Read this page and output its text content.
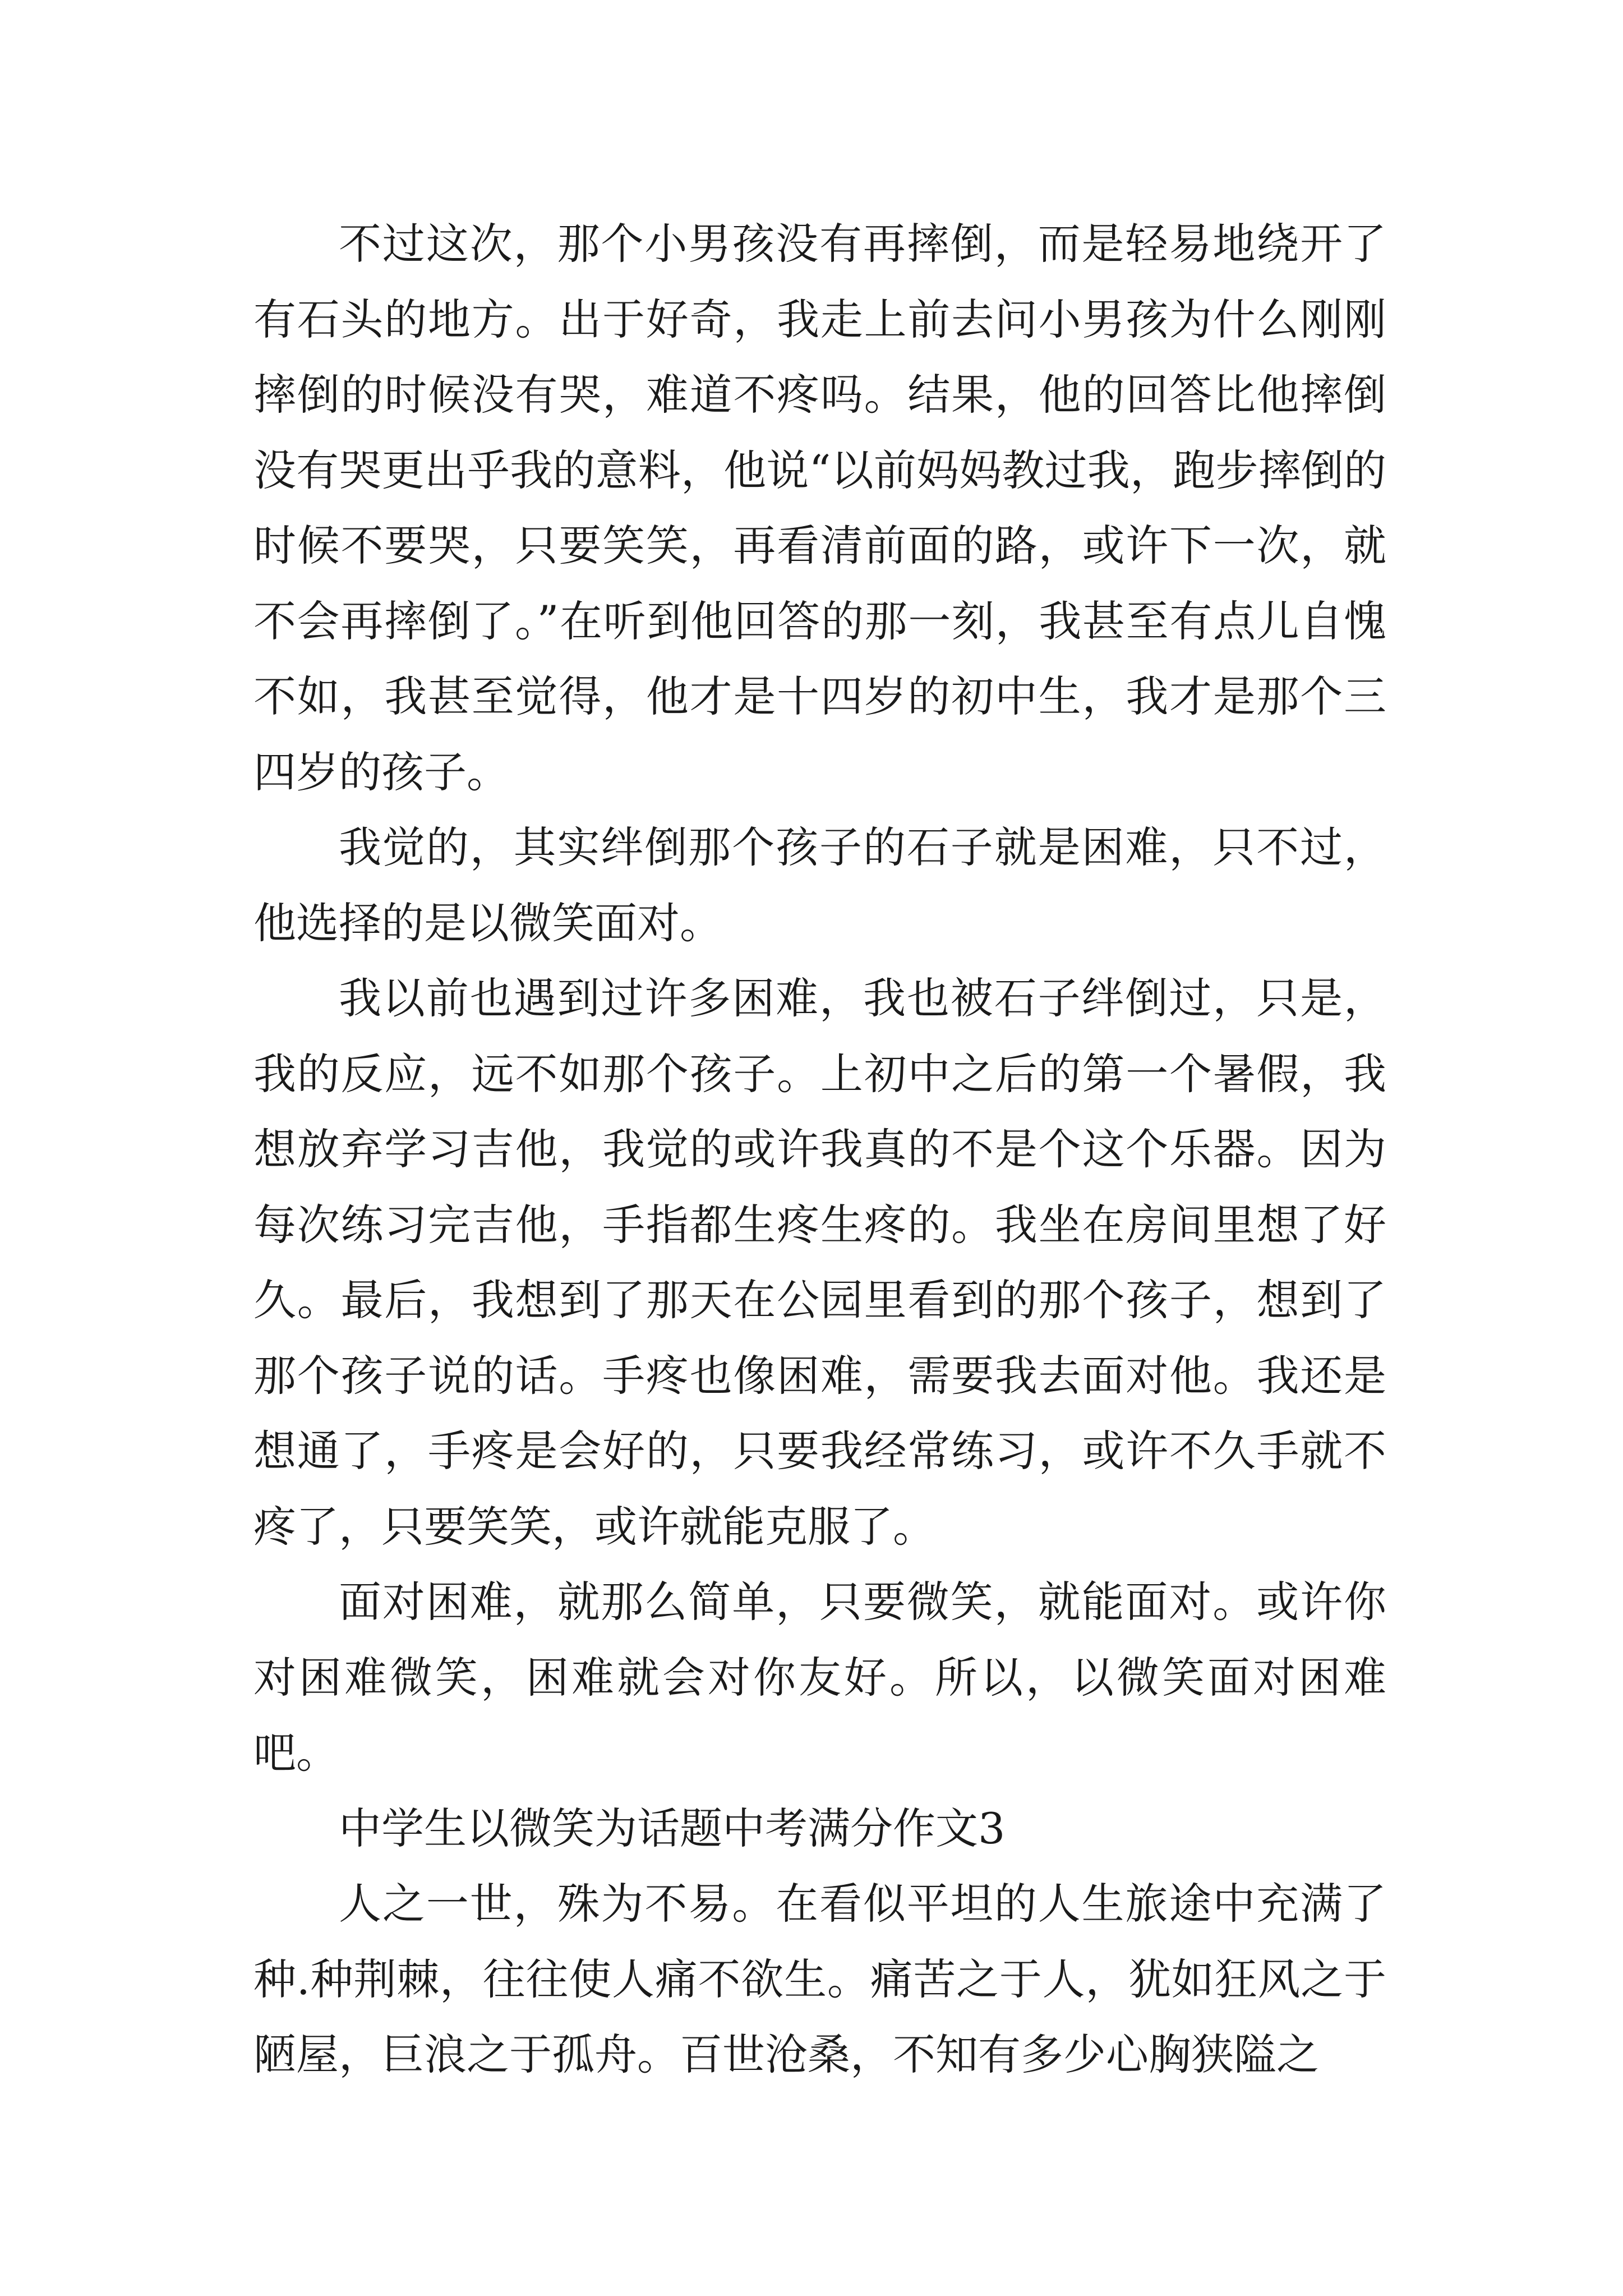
不过这次，那个小男孩没有再摔倒，而是轻易地绕开了有石头的地方。出于好奇，我走上前去问小男孩为什么刚刚摔倒的时候没有哭，难道不疼吗。结果，他的回答比他摔倒没有哭更出乎我的意料，他说“以前妈妈教过我，跑步摔倒的时候不要哭，只要笑笑，再看清前面的路，或许下一次，就不会再摔倒了。”在听到他回答的那一刻，我甚至有点儿自愧不如，我甚至觉得，他才是十四岁的初中生，我才是那个三四岁的孩子。

我觉的，其实绊倒那个孩子的石子就是困难，只不过，他选择的是以微笑面对。

我以前也遇到过许多困难，我也被石子绊倒过，只是，我的反应，远不如那个孩子。上初中之后的第一个暑假，我想放弃学习吉他，我觉的或许我真的不是个这个乐器。因为每次练习完吉他，手指都生疼生疼的。我坐在房间里想了好久。最后，我想到了那天在公园里看到的那个孩子，想到了那个孩子说的话。手疼也像困难，需要我去面对他。我还是想通了，手疼是会好的，只要我经常练习，或许不久手就不疼了，只要笑笑，或许就能克服了。

面对困难，就那么简单，只要微笑，就能面对。或许你对困难微笑，困难就会对你友好。所以，以微笑面对困难吧。

中学生以微笑为话题中考满分作文3

人之一世，殊为不易。在看似平坦的人生旅途中充满了种.种荆棘，往往使人痛不欲生。痛苦之于人，犹如狂风之于陋屋，巨浪之于孤舟。百世沧桑，不知有多少心胸狭隘之
